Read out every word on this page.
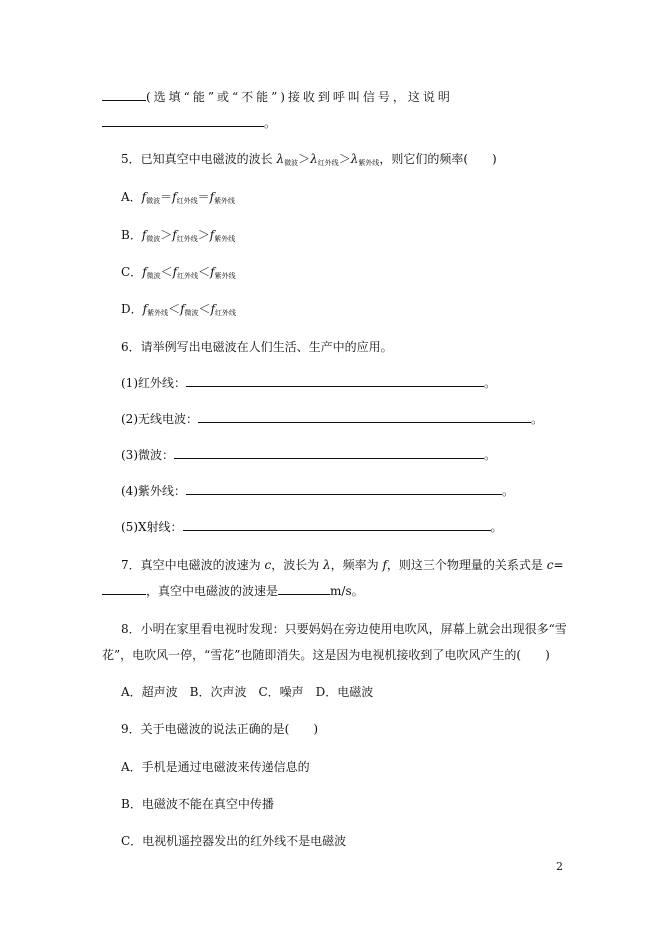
(选填“能”或“不能”)接收到呼叫信号，这说明
。
5．已知真空中电磁波的波长 $\lambda_{微波}>\lambda_{红外线}>\lambda_{紫外线}$，则它们的频率(　　)
A．$f_{微波}=f_{红外线}=f_{紫外线}$
B．$f_{微波}>f_{红外线}>f_{紫外线}$
C．$f_{微波}<f_{红外线}<f_{紫外线}$
D．$f_{紫外线}<f_{微波}<f_{红外线}$
6．请举例写出电磁波在人们生活、生产中的应用。
(1)红外线：	。
(2)无线电波：	。
(3)微波：	。
(4)紫外线：	。
(5)X射线：	。
7．真空中电磁波的波速为 c，波长为 λ，频率为 f，则这三个物理量的关系式是 c=
，真空中电磁波的波速是	m/s。
8．小明在家里看电视时发现：只要妈妈在旁边使用电吹风，屏幕上就会出现很多“雪
花”，电吹风一停，“雪花”也随即消失。这是因为电视机接收到了电吹风产生的(　　)
A．超声波　B．次声波　C．噪声　D．电磁波
9．关于电磁波的说法正确的是(　　)
A．手机是通过电磁波来传递信息的
B．电磁波不能在真空中传播
C．电视机遥控器发出的红外线不是电磁波
2
